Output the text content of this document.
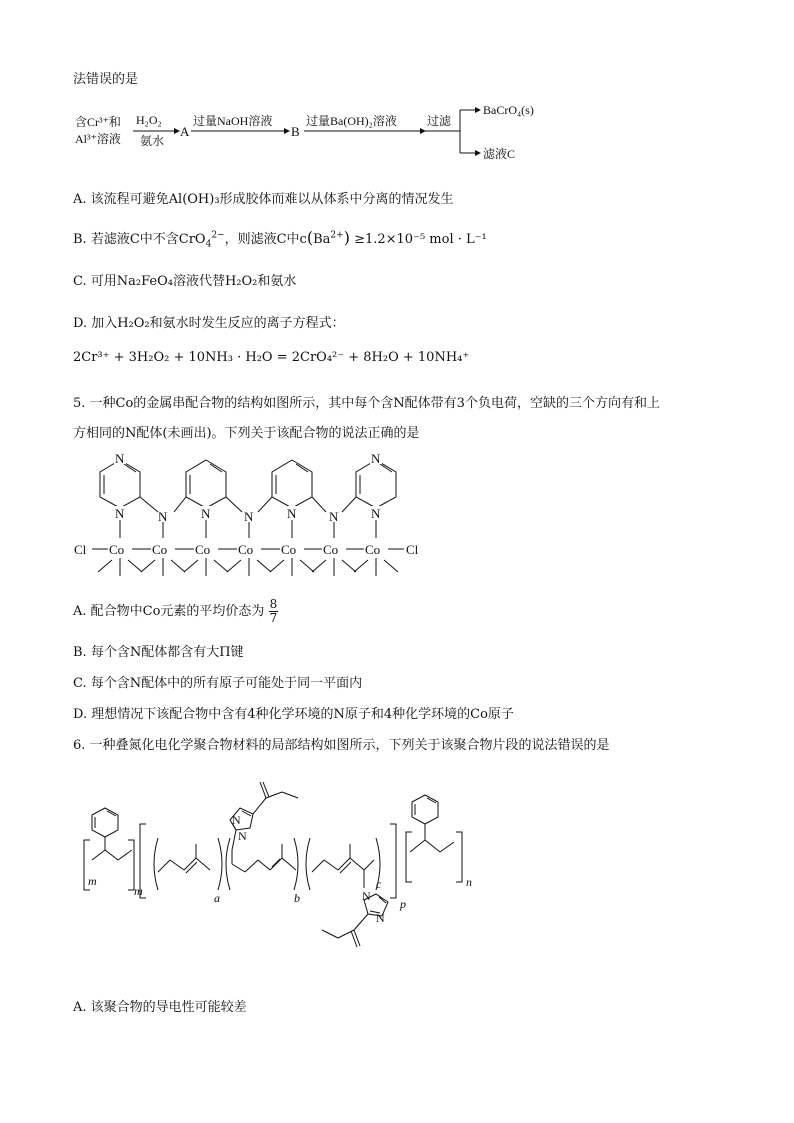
法错误的是
含Cr³⁺和
Al³⁺溶液
H₂O₂
氨水
A
过量NaOH溶液
B
过量Ba(OH)₂溶液	过滤
BaCrO₄(s)
滤液C
A. 该流程可避免Al(OH)₃形成胶体而难以从体系中分离的情况发生
B. 若滤液C中不含CrO$_4^{2-}$，则滤液C中$c(Ba^{2+}) \ge 1.2\times 10^{-5}$ mol · L⁻¹
C. 可用Na₂FeO₄溶液代替H₂O₂和氨水
D. 加入H₂O₂和氨水时发生反应的离子方程式：
2Cr³⁺ + 3H₂O₂ + 10NH₃ · H₂O = 2CrO₄²⁻ + 8H₂O + 10NH₄⁺
5. 一种Co的金属串配合物的结构如图所示，其中每个含N配体带有3个负电荷，空缺的三个方向有和上
方相同的N配体(未画出)。下列关于该配合物的说法正确的是
N
N	N	N
N
N
N	N	N
Co Co Co Co Co Co Co
Cl	Cl
A. 配合物中Co元素的平均价态为 $\frac{8}{7}$
B. 每个含N配体都含有大Π键
C. 每个含N配体中的所有原子可能处于同一平面内
D. 理想情况下该配合物中含有4种化学环境的N原子和4种化学环境的Co原子
6. 一种叠氮化电化学聚合物材料的局部结构如图所示，下列关于该聚合物片段的说法错误的是
N
N
N
N
m
m	a	b
c
p
n
A. 该聚合物的导电性可能较差
